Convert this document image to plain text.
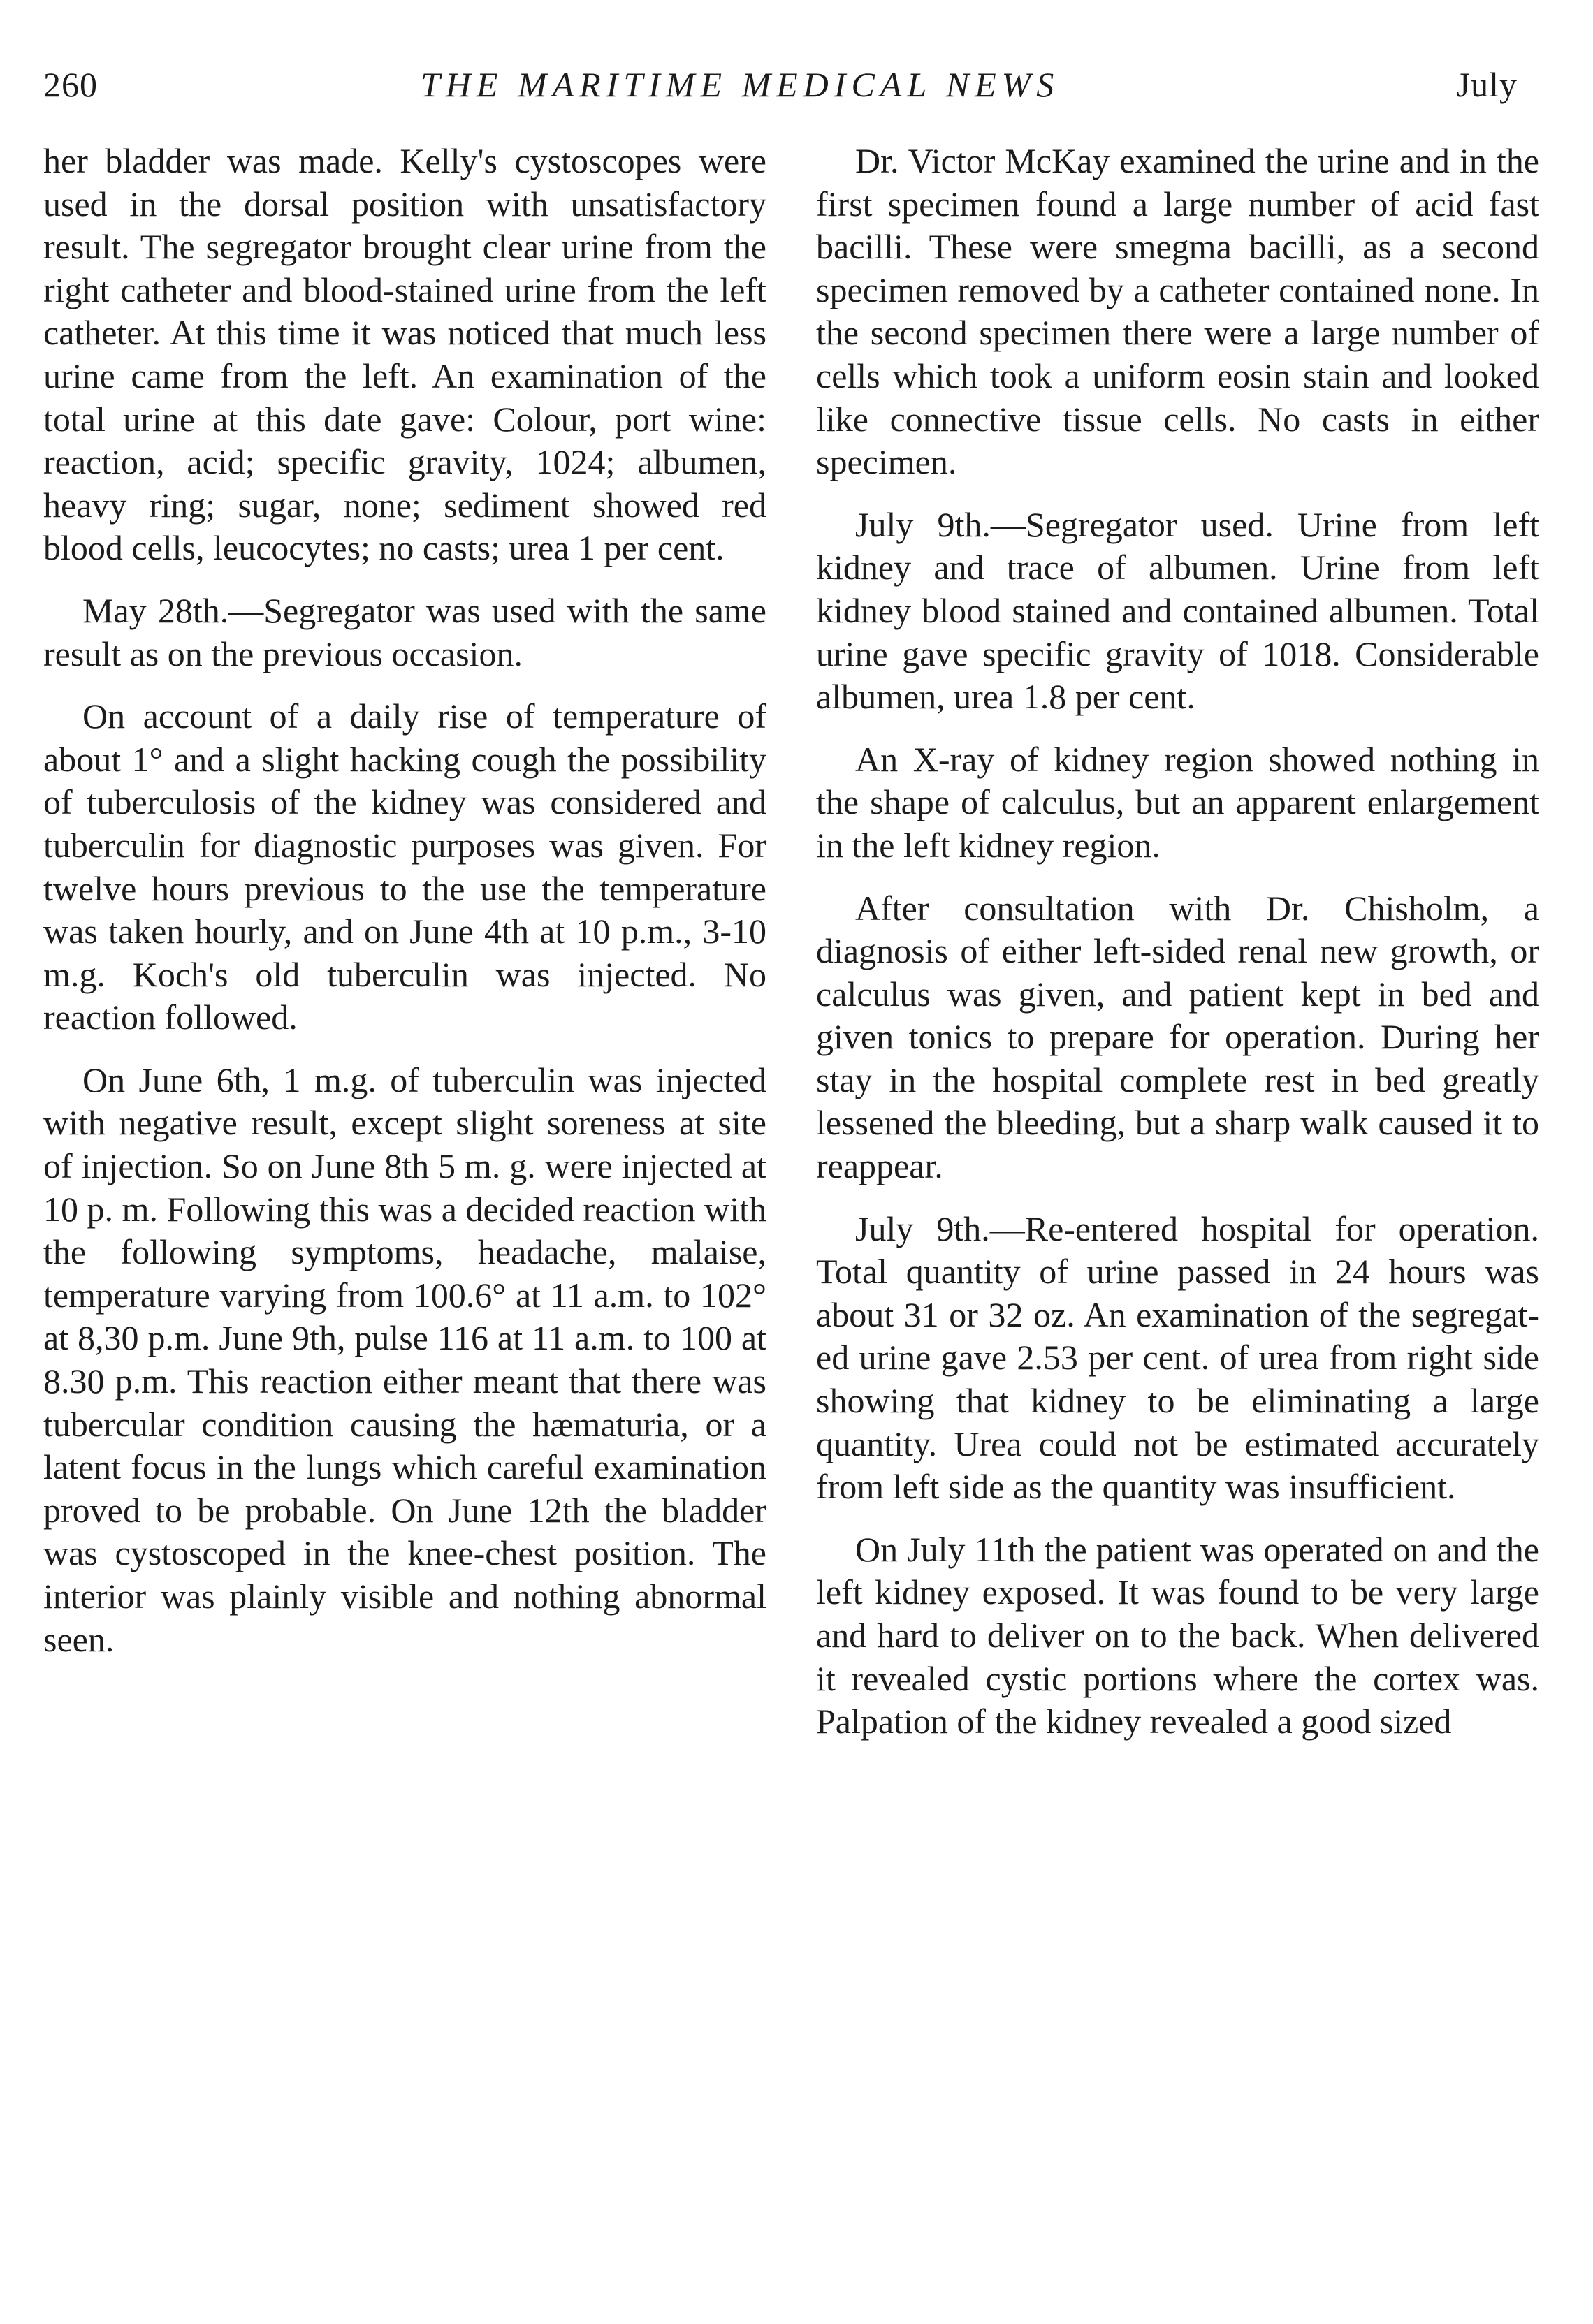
260	THE MARITIME MEDICAL NEWS	July

her bladder was made. Kelly's cystoscopes were used in the dorsal position with unsatisfactory result. The segregator brought clear urine from the right catheter and blood-stained urine from the left catheter. At this time it was noticed that much less urine came from the left. An examination of the total urine at this date gave: Colour, port wine: reaction, acid; specific gravity, 1024; albumen, heavy ring; sugar, none; sediment showed red blood cells, leucocytes; no casts; urea 1 per cent.

May 28th.—Segregator was used with the same result as on the previous occasion.

On account of a daily rise of temperature of about 1° and a slight hacking cough the possibility of tuberculosis of the kidney was considered and tuberculin for diagnostic purposes was given. For twelve hours previous to the use the temperature was taken hourly, and on June 4th at 10 p.m., 3-10 m.g. Koch's old tuberculin was injected. No reaction followed.

On June 6th, 1 m.g. of tuberculin was injected with negative result, except slight soreness at site of injection. So on June 8th 5 m. g. were injected at 10 p. m. Following this was a decided reaction with the following symptoms, headache, malaise, temperature varying from 100.6° at 11 a.m. to 102° at 8,30 p.m. June 9th, pulse 116 at 11 a.m. to 100 at 8.30 p.m. This reaction either meant that there was tubercular condition causing the hæmaturia, or a latent focus in the lungs which careful examination proved to be probable. On June 12th the bladder was cystoscoped in the knee-chest position. The interior was plainly visible and nothing abnormal seen.

Dr. Victor McKay examined the urine and in the first specimen found a large number of acid fast bacilli. These were smegma bacilli, as a second specimen removed by a catheter contained none. In the second specimen there were a large number of cells which took a uniform eosin stain and looked like connective tissue cells. No casts in either specimen.

July 9th.—Segregator used. Urine from left kidney and trace of albumen. Urine from left kidney blood stained and contained albumen. Total urine gave specific gravity of 1018. Considerable albumen, urea 1.8 per cent.

An X-ray of kidney region showed nothing in the shape of calculus, but an apparent enlargement in the left kidney region.

After consultation with Dr. Chisholm, a diagnosis of either left-sided renal new growth, or calculus was given, and patient kept in bed and given tonics to prepare for operation. During her stay in the hospital complete rest in bed greatly lessened the bleeding, but a sharp walk caused it to reappear.

July 9th.—Re-entered hospital for operation. Total quantity of urine passed in 24 hours was about 31 or 32 oz. An examination of the segregated urine gave 2.53 per cent. of urea from right side showing that kidney to be eliminating a large quantity. Urea could not be estimated accurately from left side as the quantity was insufficient.

On July 11th the patient was operated on and the left kidney exposed. It was found to be very large and hard to deliver on to the back. When delivered it revealed cystic portions where the cortex was. Palpation of the kidney revealed a good sized
